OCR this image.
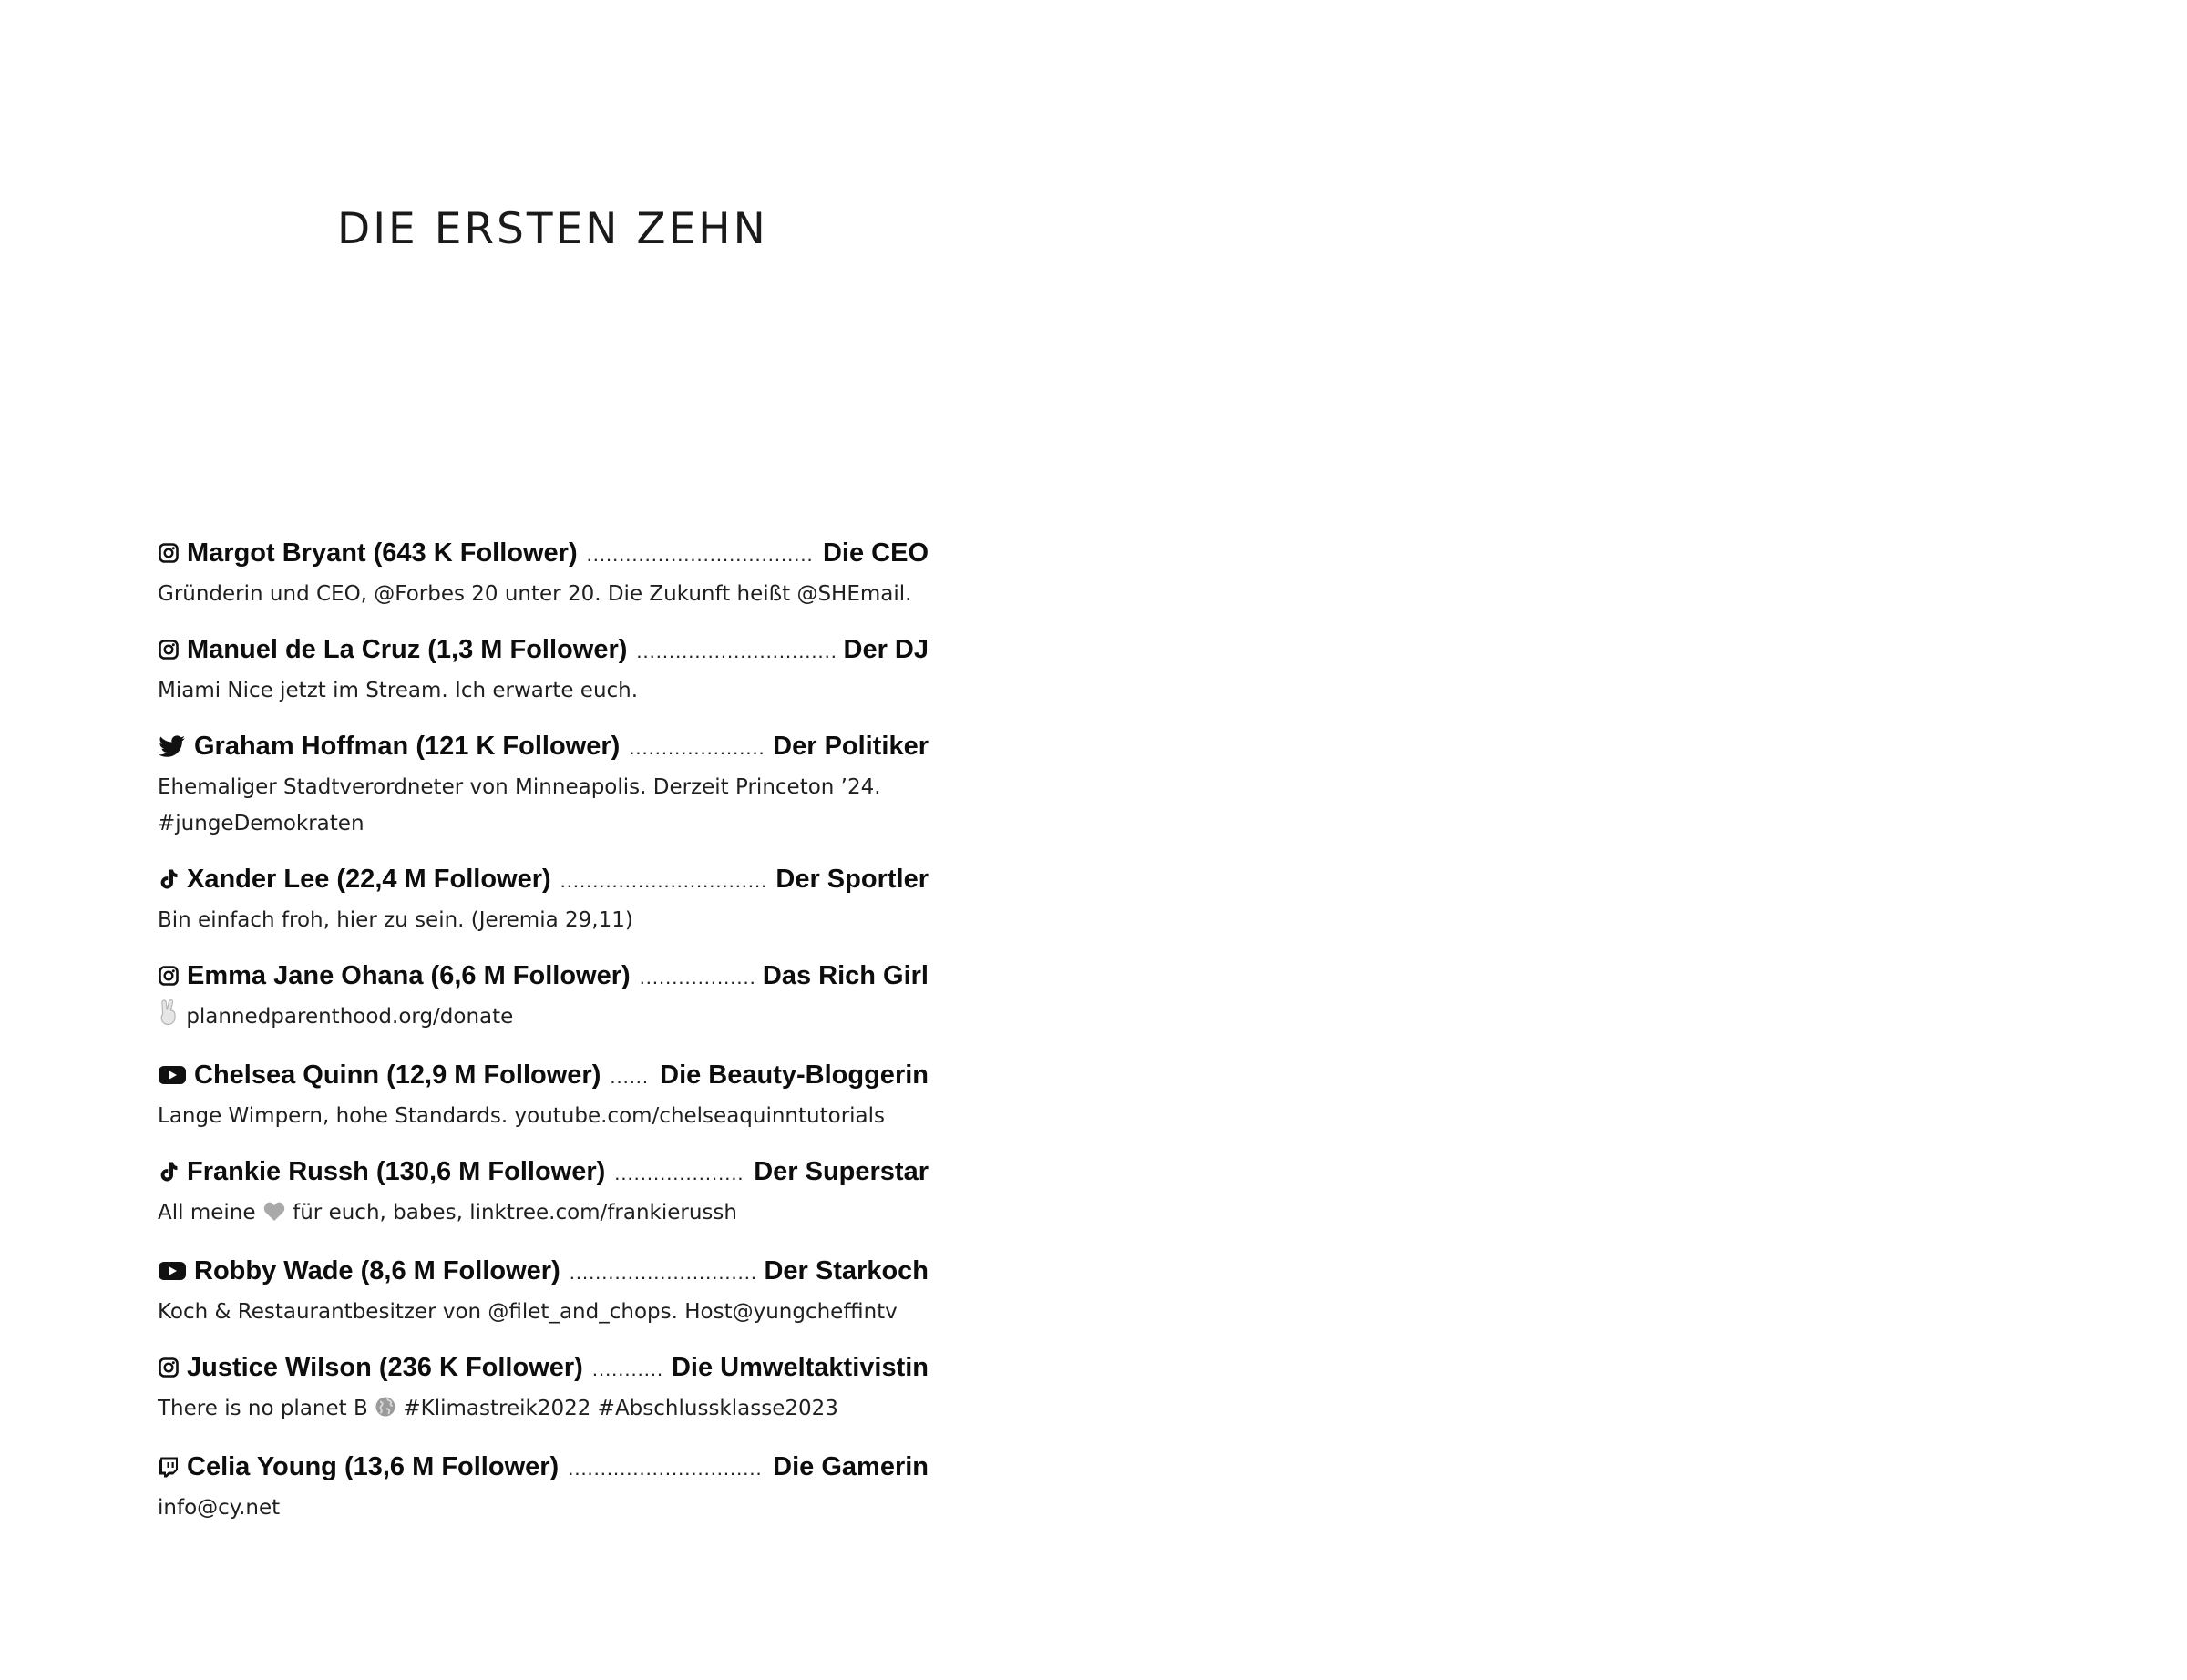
DIE ERSTEN ZEHN
Margot Bryant (643 K Follower) .....	Die CEO
Gründerin und CEO, @Forbes 20 unter 20. Die Zukunft heißt @SHEmail.
Manuel de La Cruz (1,3 M Follower) .....	Der DJ
Miami Nice jetzt im Stream. Ich erwarte euch.
Graham Hoffman (121 K Follower) .....	Der Politiker
Ehemaliger Stadtverordneter von Minneapolis. Derzeit Princeton ’24.
#jungeDemokraten
Xander Lee (22,4 M Follower) .....	Der Sportler
Bin einfach froh, hier zu sein. (Jeremia 29,11)
Emma Jane Ohana (6,6 M Follower) .....	Das Rich Girl
plannedparenthood.org/donate
Chelsea Quinn (12,9 M Follower) ..... Die Beauty-Bloggerin
Lange Wimpern, hohe Standards. youtube.com/chelseaquinntutorials
Frankie Russh (130,6 M Follower) .....	Der Superstar
All meine für euch, babes, linktree.com/frankierussh
Robby Wade (8,6 M Follower) .....	Der Starkoch
Koch & Restaurantbesitzer von @filet_and_chops. Host@yungcheffintv
Justice Wilson (236 K Follower) .....	Die Umweltaktivistin
There is no planet B #Klimastreik2022 #Abschlussklasse2023
Celia Young (13,6 M Follower) .....	Die Gamerin
info@cy.net
